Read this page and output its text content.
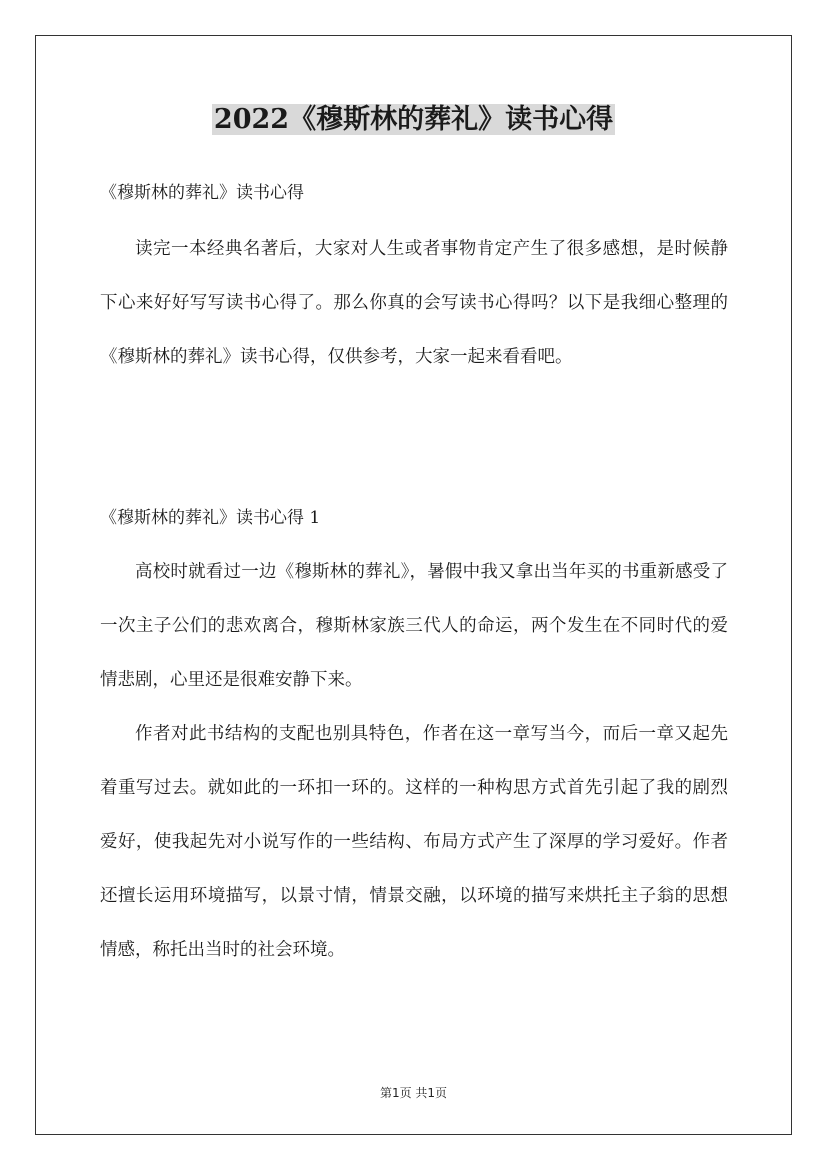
2022《穆斯林的葬礼》读书心得
《穆斯林的葬礼》读书心得

读完一本经典名著后，大家对人生或者事物肯定产生了很多感想，是时候静下心来好好写写读书心得了。那么你真的会写读书心得吗？以下是我细心整理的《穆斯林的葬礼》读书心得，仅供参考，大家一起来看看吧。

《穆斯林的葬礼》读书心得 1

高校时就看过一边《穆斯林的葬礼》，暑假中我又拿出当年买的书重新感受了一次主子公们的悲欢离合，穆斯林家族三代人的命运，两个发生在不同时代的爱情悲剧，心里还是很难安静下来。

作者对此书结构的支配也别具特色，作者在这一章写当今，而后一章又起先着重写过去。就如此的一环扣一环的。这样的一种构思方式首先引起了我的剧烈爱好，使我起先对小说写作的一些结构、布局方式产生了深厚的学习爱好。作者还擅长运用环境描写，以景寸情，情景交融，以环境的描写来烘托主子翁的思想情感，称托出当时的社会环境。

第1页 共1页
